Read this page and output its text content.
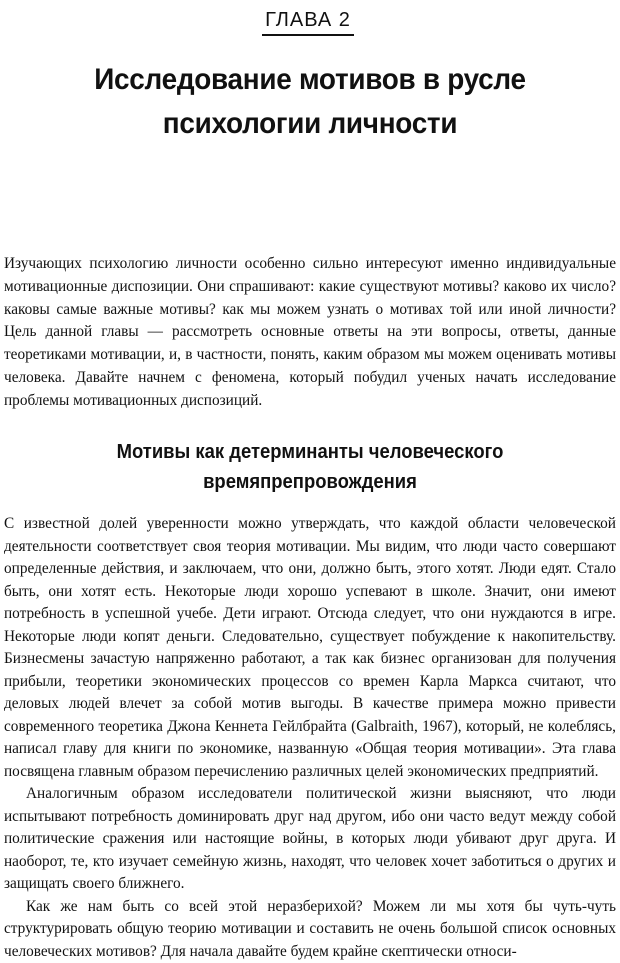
ГЛАВА 2
Исследование мотивов в русле психологии личности

Изучающих психологию личности особенно сильно интересуют именно индивидуальные мотивационные диспозиции. Они спрашивают: какие существуют мотивы? каково их число? каковы самые важные мотивы? как мы можем узнать о мотивах той или иной личности? Цель данной главы — рассмотреть основные ответы на эти вопросы, ответы, данные теоретиками мотивации, и, в частности, понять, каким образом мы можем оценивать мотивы человека. Давайте начнем с феномена, который побудил ученых начать исследование проблемы мотивационных диспозиций.

Мотивы как детерминанты человеческого времяпрепровождения

С известной долей уверенности можно утверждать, что каждой области человеческой деятельности соответствует своя теория мотивации. Мы видим, что люди часто совершают определенные действия, и заключаем, что они, должно быть, этого хотят. Люди едят. Стало быть, они хотят есть. Некоторые люди хорошо успевают в школе. Значит, они имеют потребность в успешной учебе. Дети играют. Отсюда следует, что они нуждаются в игре. Некоторые люди копят деньги. Следовательно, существует побуждение к накопительству. Бизнесмены зачастую напряженно работают, а так как бизнес организован для получения прибыли, теоретики экономических процессов со времен Карла Маркса считают, что деловых людей влечет за собой мотив выгоды. В качестве примера можно привести современного теоретика Джона Кеннета Гейлбрайта (Galbraith, 1967), который, не колеблясь, написал главу для книги по экономике, названную «Общая теория мотивации». Эта глава посвящена главным образом перечислению различных целей экономических предприятий.

Аналогичным образом исследователи политической жизни выясняют, что люди испытывают потребность доминировать друг над другом, ибо они часто ведут между собой политические сражения или настоящие войны, в которых люди убивают друг друга. И наоборот, те, кто изучает семейную жизнь, находят, что человек хочет заботиться о других и защищать своего ближнего.

Как же нам быть со всей этой неразберихой? Можем ли мы хотя бы чуть-чуть структурировать общую теорию мотивации и составить не очень большой список основных человеческих мотивов? Для начала давайте будем крайне скептически относи-
